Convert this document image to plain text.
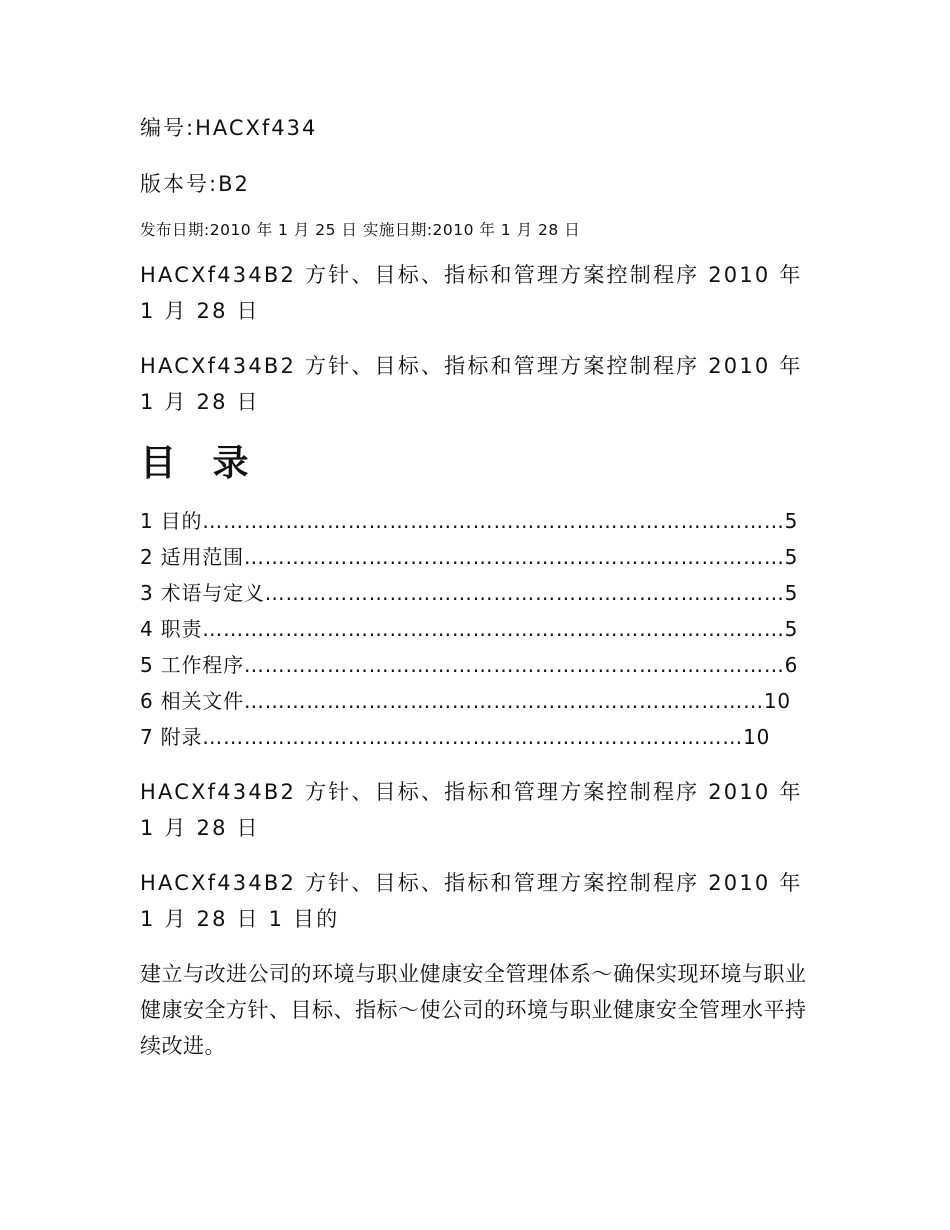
编号:HACXf434

版本号:B2

发布日期:2010 年 1 月 25 日 实施日期:2010 年 1 月 28 日

HACXf434B2 方针、目标、指标和管理方案控制程序 2010 年 1 月 28 日

HACXf434B2 方针、目标、指标和管理方案控制程序 2010 年 1 月 28 日

目 录

1 目的…………………………………………………………………………5 2 适用范围……………………………………………………………………5 3 术语与定义…………………………………………………………………5 4 职责…………………………………………………………………………5 5 工作程序……………………………………………………………………6 6 相关文件…………………………………………………………………10 7 附录……………………………………………………………………10

HACXf434B2 方针、目标、指标和管理方案控制程序 2010 年 1 月 28 日

HACXf434B2 方针、目标、指标和管理方案控制程序 2010 年 1 月 28 日 1 目的

建立与改进公司的环境与职业健康安全管理体系～确保实现环境与职业健康安全方针、目标、指标～使公司的环境与职业健康安全管理水平持续改进。
